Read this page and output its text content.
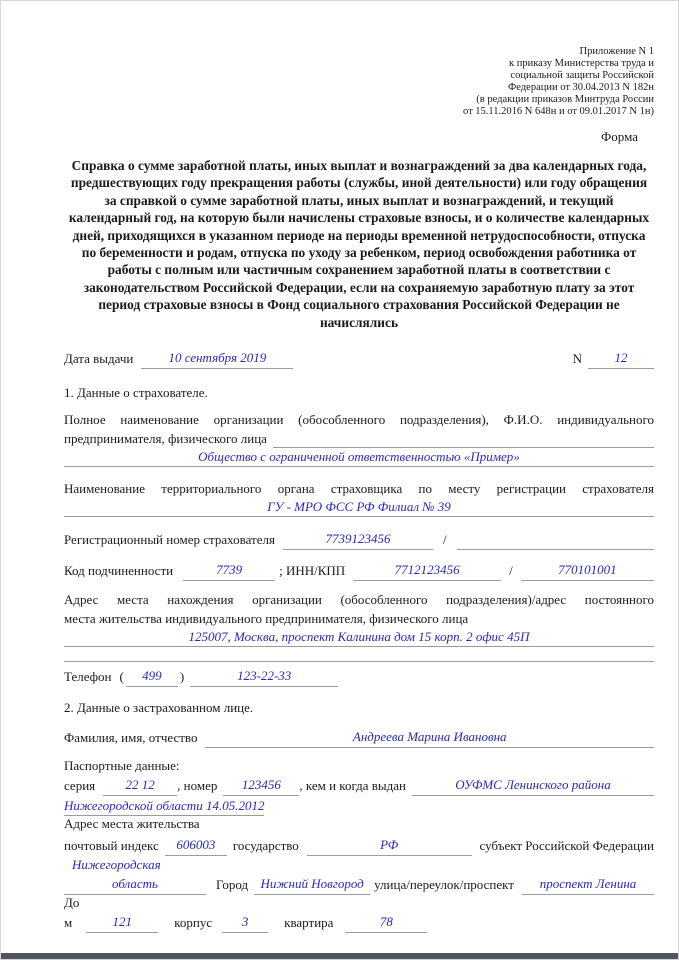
Приложение N 1
к приказу Министерства труда и
социальной защиты Российской
Федерации от 30.04.2013 N 182н
(в редакции приказов Минтруда России
от 15.11.2016 N 648н и от 09.01.2017 N 1н)
Форма
Справка о сумме заработной платы, иных выплат и вознаграждений за два календарных года, предшествующих году прекращения работы (службы, иной деятельности) или году обращения за справкой о сумме заработной платы, иных выплат и вознаграждений, и текущий календарный год, на которую были начислены страховые взносы, и о количестве календарных дней, приходящихся в указанном периоде на периоды временной нетрудоспособности, отпуска по беременности и родам, отпуска по уходу за ребенком, период освобождения работника от работы с полным или частичным сохранением заработной платы в соответствии с законодательством Российской Федерации, если на сохраняемую заработную плату за этот период страховые взносы в Фонд социального страхования Российской Федерации не начислялись
Дата выдачи	10 сентября 2019	N	12
1. Данные о страхователе.
Полное наименование организации (обособленного подразделения), Ф.И.О. индивидуального
предпринимателя, физического лица
Общество с ограниченной ответственностью «Пример»
Наименование территориального органа страховщика по месту регистрации страхователя
ГУ - МРО ФСС РФ Филиал № 39
Регистрационный номер страхователя	7739123456	/
Код подчиненности	7739	; ИНН/КПП	7712123456	/	770101001
Адрес места нахождения организации (обособленного подразделения)/адрес постоянного
места жительства индивидуального предпринимателя, физического лица
125007, Москва, проспект Калинина дом 15 корп. 2 офис 45П
Телефон (	499	)	123-22-33
2. Данные о застрахованном лице.
Фамилия, имя, отчество	Андреева Марина Ивановна
Паспортные данные:
серия	22 12	, номер	123456	, кем и когда выдан	ОУФМС Ленинского района
Нижегородской области 14.05.2012
Адрес места жительства
почтовый индекс	606003	государство	РФ	субъект Российской Федерации
Нижегородская
область	Город Нижний Новгород улица/переулок/проспект	проспект Ленина
До
м	121	корпус	3	квартира	78
